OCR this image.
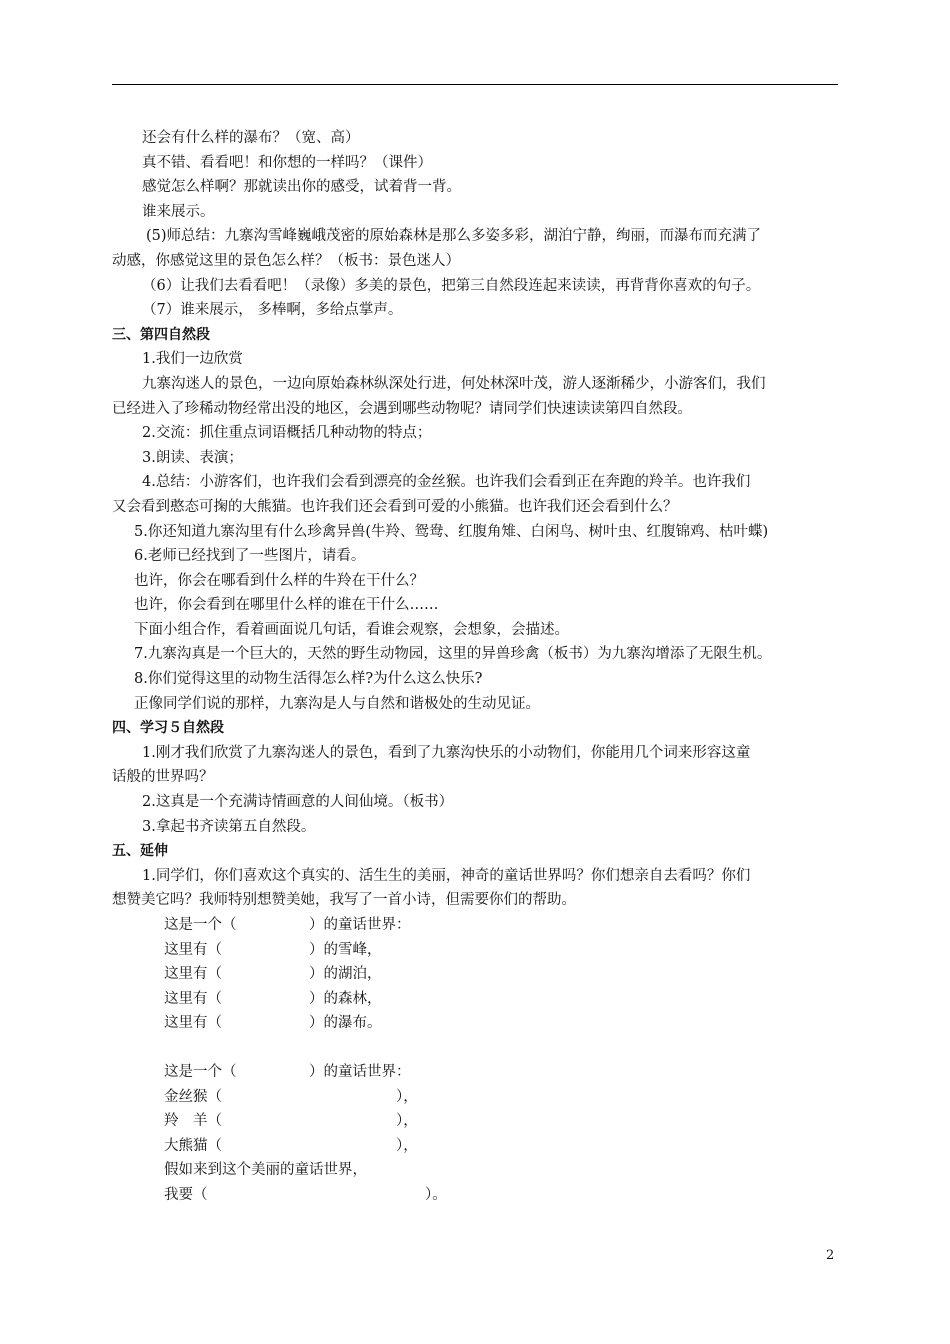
还会有什么样的瀑布？（宽、高）

真不错、看看吧！和你想的一样吗？（课件）

感觉怎么样啊？那就读出你的感受，试着背一背。

谁来展示。

(5)师总结：九寨沟雪峰巍峨茂密的原始森林是那么多姿多彩，湖泊宁静，绚丽，而瀑布而充满了

动感，你感觉这里的景色怎么样？（板书：景色迷人）

（6）让我们去看看吧！（录像）多美的景色，把第三自然段连起来读读，再背背你喜欢的句子。

（7）谁来展示， 多棒啊，多给点掌声。

三、第四自然段

1.我们一边欣赏

九寨沟迷人的景色，一边向原始森林纵深处行进，何处林深叶茂，游人逐渐稀少，小游客们，我们

已经进入了珍稀动物经常出没的地区，会遇到哪些动物呢？请同学们快速读读第四自然段。

2.交流：抓住重点词语概括几种动物的特点；

3.朗读、表演；

4.总结：小游客们，也许我们会看到漂亮的金丝猴。也许我们会看到正在奔跑的羚羊。也许我们

又会看到憨态可掬的大熊猫。也许我们还会看到可爱的小熊猫。也许我们还会看到什么？

5.你还知道九寨沟里有什么珍禽异兽(牛羚、鸳鸯、红腹角雉、白闲鸟、树叶虫、红腹锦鸡、枯叶蝶)

6.老师已经找到了一些图片，请看。

也许，你会在哪看到什么样的牛羚在干什么？

也许，你会看到在哪里什么样的谁在干什么……

下面小组合作，看着画面说几句话，看谁会观察，会想象，会描述。

7.九寨沟真是一个巨大的，天然的野生动物园，这里的异兽珍禽（板书）为九寨沟增添了无限生机。

8.你们觉得这里的动物生活得怎么样?为什么这么快乐?

正像同学们说的那样，九寨沟是人与自然和谐极处的生动见证。

四、学习５自然段

1.刚才我们欣赏了九寨沟迷人的景色，看到了九寨沟快乐的小动物们，你能用几个词来形容这童

话般的世界吗？

2.这真是一个充满诗情画意的人间仙境。（板书）

3.拿起书齐读第五自然段。

五、延伸

1.同学们，你们喜欢这个真实的、活生生的美丽，神奇的童话世界吗？你们想亲自去看吗？你们

想赞美它吗？我师特别想赞美她，我写了一首小诗，但需要你们的帮助。

这是一个（　　　　　）的童话世界：

这里有（　　　　　　）的雪峰，

这里有（　　　　　　）的湖泊，

这里有（　　　　　　）的森林，

这里有（　　　　　　）的瀑布。

这是一个（　　　　　）的童话世界：

金丝猴（　　　　　　　　　　　　），

羚　羊（　　　　　　　　　　　　），

大熊猫（　　　　　　　　　　　　），

假如来到这个美丽的童话世界，

我要（　　　　　　　　　　　　　　　）。

2
